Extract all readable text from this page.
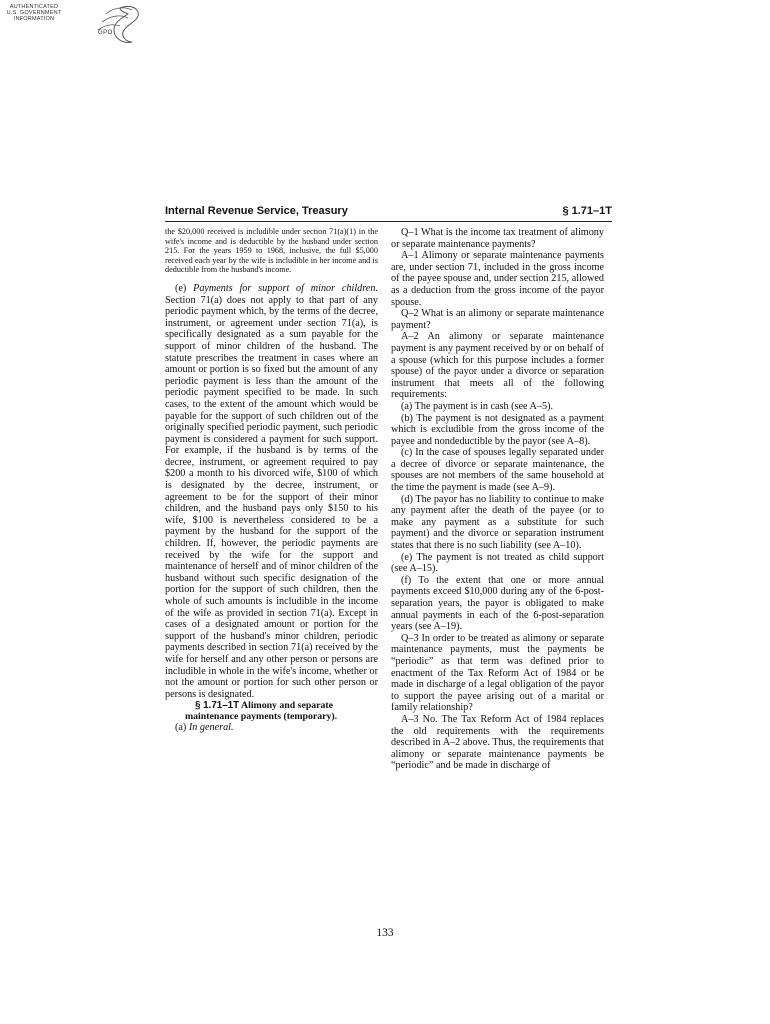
AUTHENTICATED
U.S. GOVERNMENT
INFORMATION
GPO
Internal Revenue Service, Treasury	§ 1.71–1T

the $20,000 received is includible under section 71(a)(1) in the wife's income and is deductible by the husband under section 215. For the years 1959 to 1968, inclusive, the full $5,000 received each year by the wife is includible in her income and is deductible from the husband's income.

(e) Payments for support of minor children. Section 71(a) does not apply to that part of any periodic payment which, by the terms of the decree, instrument, or agreement under section 71(a), is specifically designated as a sum payable for the support of minor children of the husband. The statute prescribes the treatment in cases where an amount or portion is so fixed but the amount of any periodic payment is less than the amount of the periodic payment specified to be made. In such cases, to the extent of the amount which would be payable for the support of such children out of the originally specified periodic payment, such periodic payment is considered a payment for such support. For example, if the husband is by terms of the decree, instrument, or agreement required to pay $200 a month to his divorced wife, $100 of which is designated by the decree, instrument, or agreement to be for the support of their minor children, and the husband pays only $150 to his wife, $100 is nevertheless considered to be a payment by the husband for the support of the children. If, however, the periodic payments are received by the wife for the support and maintenance of herself and of minor children of the husband without such specific designation of the portion for the support of such children, then the whole of such amounts is includible in the income of the wife as provided in section 71(a). Except in cases of a designated amount or portion for the support of the husband's minor children, periodic payments described in section 71(a) received by the wife for herself and any other person or persons are includible in whole in the wife's income, whether or not the amount or portion for such other person or persons is designated.

§ 1.71–1T Alimony and separate maintenance payments (temporary).

(a) In general.

Q–1 What is the income tax treatment of alimony or separate maintenance payments?

A–1 Alimony or separate maintenance payments are, under section 71, included in the gross income of the payee spouse and, under section 215, allowed as a deduction from the gross income of the payor spouse.

Q–2 What is an alimony or separate maintenance payment?

A–2 An alimony or separate maintenance payment is any payment received by or on behalf of a spouse (which for this purpose includes a former spouse) of the payor under a divorce or separation instrument that meets all of the following requirements:

(a) The payment is in cash (see A–5).

(b) The payment is not designated as a payment which is excludible from the gross income of the payee and nondeductible by the payor (see A–8).

(c) In the case of spouses legally separated under a decree of divorce or separate maintenance, the spouses are not members of the same household at the time the payment is made (see A–9).

(d) The payor has no liability to continue to make any payment after the death of the payee (or to make any payment as a substitute for such payment) and the divorce or separation instrument states that there is no such liability (see A–10).

(e) The payment is not treated as child support (see A–15).

(f) To the extent that one or more annual payments exceed $10,000 during any of the 6-post-separation years, the payor is obligated to make annual payments in each of the 6-post-separation years (see A–19).

Q–3 In order to be treated as alimony or separate maintenance payments, must the payments be “periodic” as that term was defined prior to enactment of the Tax Reform Act of 1984 or be made in discharge of a legal obligation of the payor to support the payee arising out of a marital or family relationship?

A–3 No. The Tax Reform Act of 1984 replaces the old requirements with the requirements described in A–2 above. Thus, the requirements that alimony or separate maintenance payments be “periodic” and be made in discharge of

133
